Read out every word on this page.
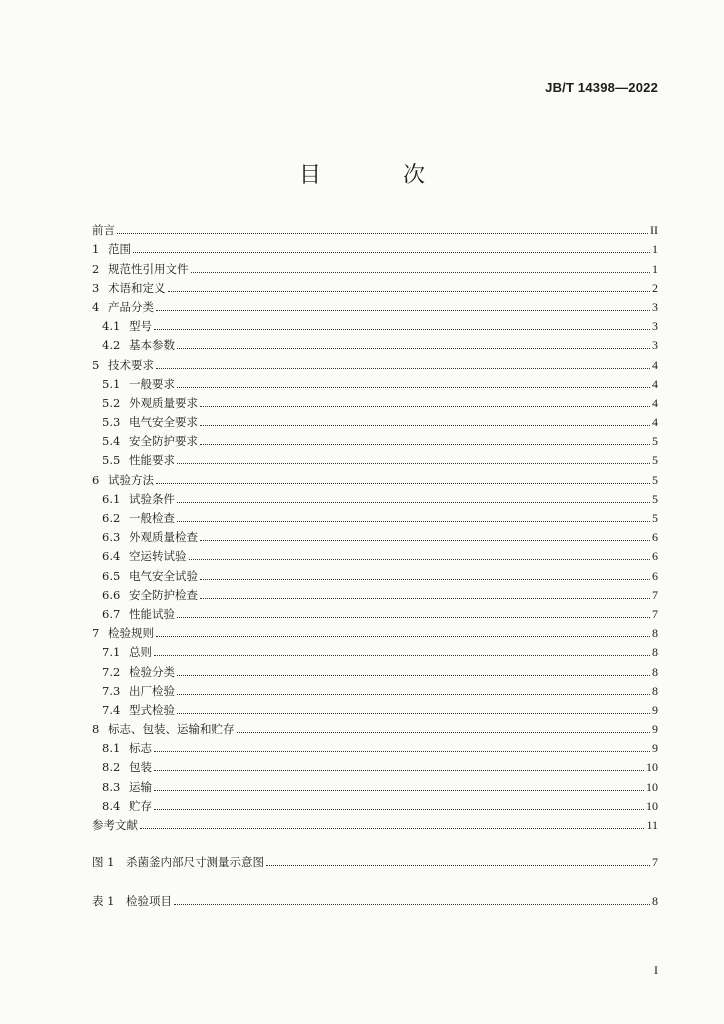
JB/T 14398—2022
目　次
前言	II
1 范围	1
2 规范性引用文件	1
3 术语和定义	2
4 产品分类	3
4.1 型号	3
4.2 基本参数	3
5 技术要求	4
5.1 一般要求	4
5.2 外观质量要求	4
5.3 电气安全要求	4
5.4 安全防护要求	5
5.5 性能要求	5
6 试验方法	5
6.1 试验条件	5
6.2 一般检查	5
6.3 外观质量检查	6
6.4 空运转试验	6
6.5 电气安全试验	6
6.6 安全防护检查	7
6.7 性能试验	7
7 检验规则	8
7.1 总则	8
7.2 检验分类	8
7.3 出厂检验	8
7.4 型式检验	9
8 标志、包装、运输和贮存	9
8.1 标志	9
8.2 包装	10
8.3 运输	10
8.4 贮存	10
参考文献	11
图 1	杀菌釜内部尺寸测量示意图	7
表 1	检验项目	8
I
